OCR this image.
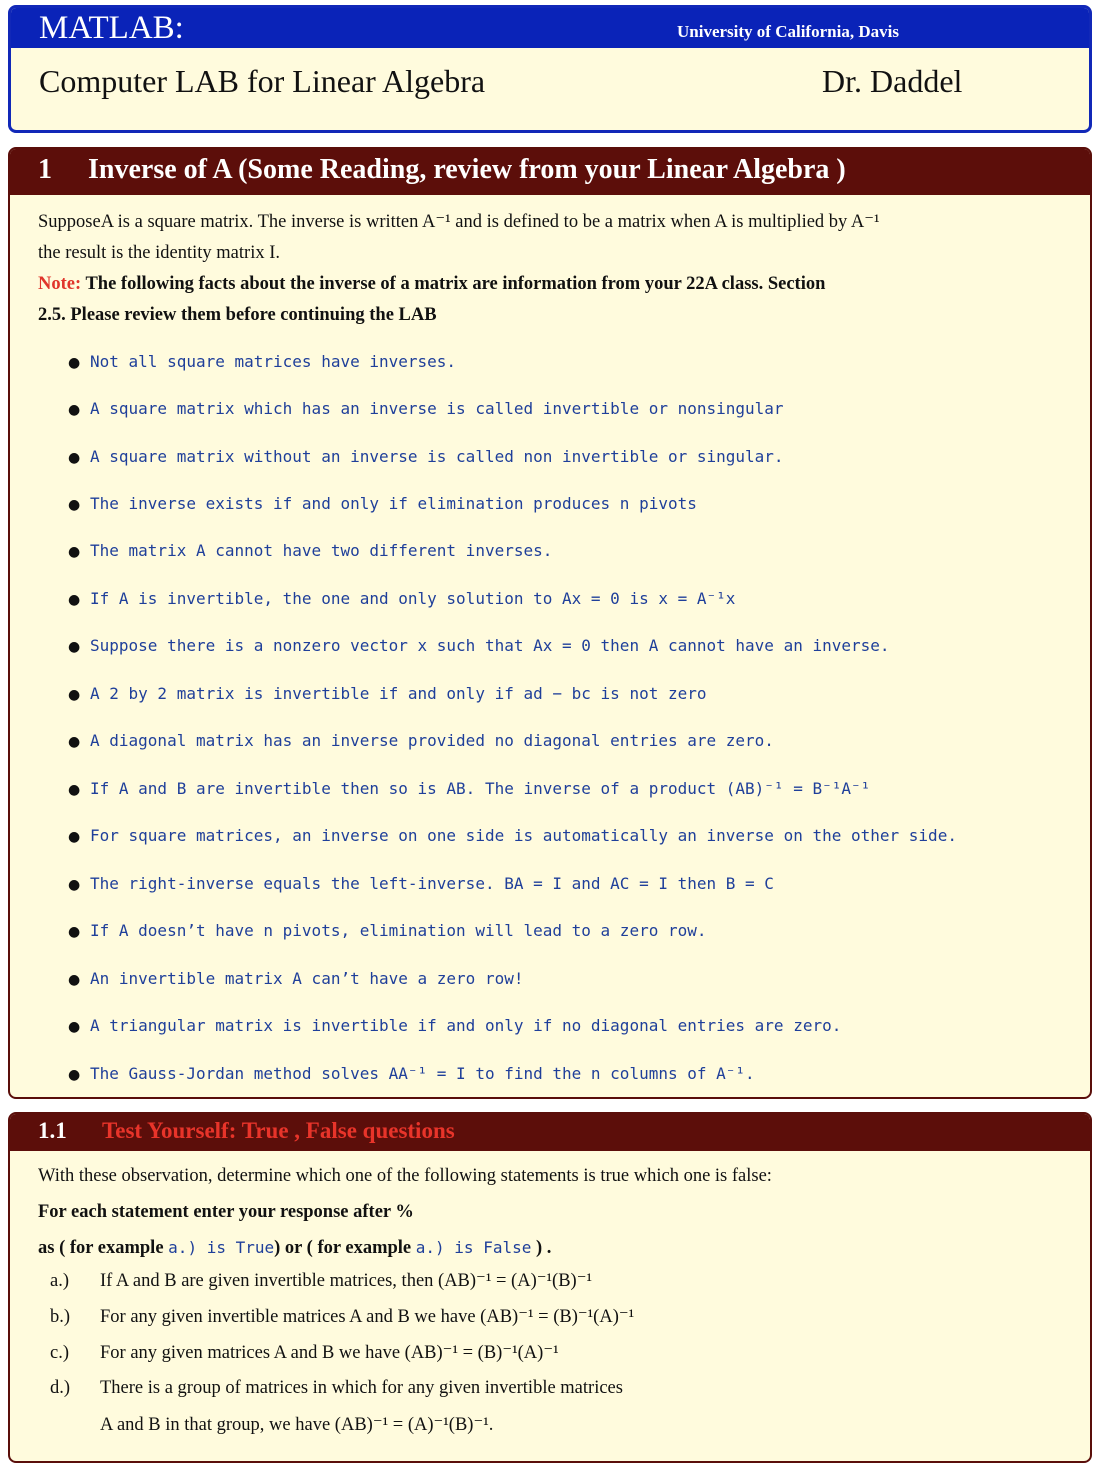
MATLAB:	University of California, Davis
Computer LAB for Linear Algebra	Dr. Daddel
1 Inverse of A (Some Reading, review from your Linear Algebra )
SupposeA is a square matrix. The inverse is written A⁻¹ and is defined to be a matrix when A is multiplied by A⁻¹
the result is the identity matrix I.
Note: The following facts about the inverse of a matrix are information from your 22A class. Section
2.5. Please review them before continuing the LAB
● Not all square matrices have inverses.
● A square matrix which has an inverse is called invertible or nonsingular
● A square matrix without an inverse is called non invertible or singular.
● The inverse exists if and only if elimination produces n pivots
● The matrix A cannot have two different inverses.
● If A is invertible, the one and only solution to Ax = 0 is x = A⁻¹x
● Suppose there is a nonzero vector x such that Ax = 0 then A cannot have an inverse.
● A 2 by 2 matrix is invertible if and only if ad − bc is not zero
● A diagonal matrix has an inverse provided no diagonal entries are zero.
● If A and B are invertible then so is AB. The inverse of a product (AB)⁻¹ = B⁻¹A⁻¹
● For square matrices, an inverse on one side is automatically an inverse on the other side.
● The right-inverse equals the left-inverse. BA = I and AC = I then B = C
● If A doesn’t have n pivots, elimination will lead to a zero row.
● An invertible matrix A can’t have a zero row!
● A triangular matrix is invertible if and only if no diagonal entries are zero.
● The Gauss-Jordan method solves AA⁻¹ = I to find the n columns of A⁻¹.
1.1 Test Yourself: True , False questions
With these observation, determine which one of the following statements is true which one is false:
For each statement enter your response after %
as ( for example a.) is True) or ( for example a.) is False ) .
a.) If A and B are given invertible matrices, then (AB)⁻¹ = (A)⁻¹(B)⁻¹
b.) For any given invertible matrices A and B we have (AB)⁻¹ = (B)⁻¹(A)⁻¹
c.) For any given matrices A and B we have (AB)⁻¹ = (B)⁻¹(A)⁻¹
d.) There is a group of matrices in which for any given invertible matrices
A and B in that group, we have (AB)⁻¹ = (A)⁻¹(B)⁻¹.
